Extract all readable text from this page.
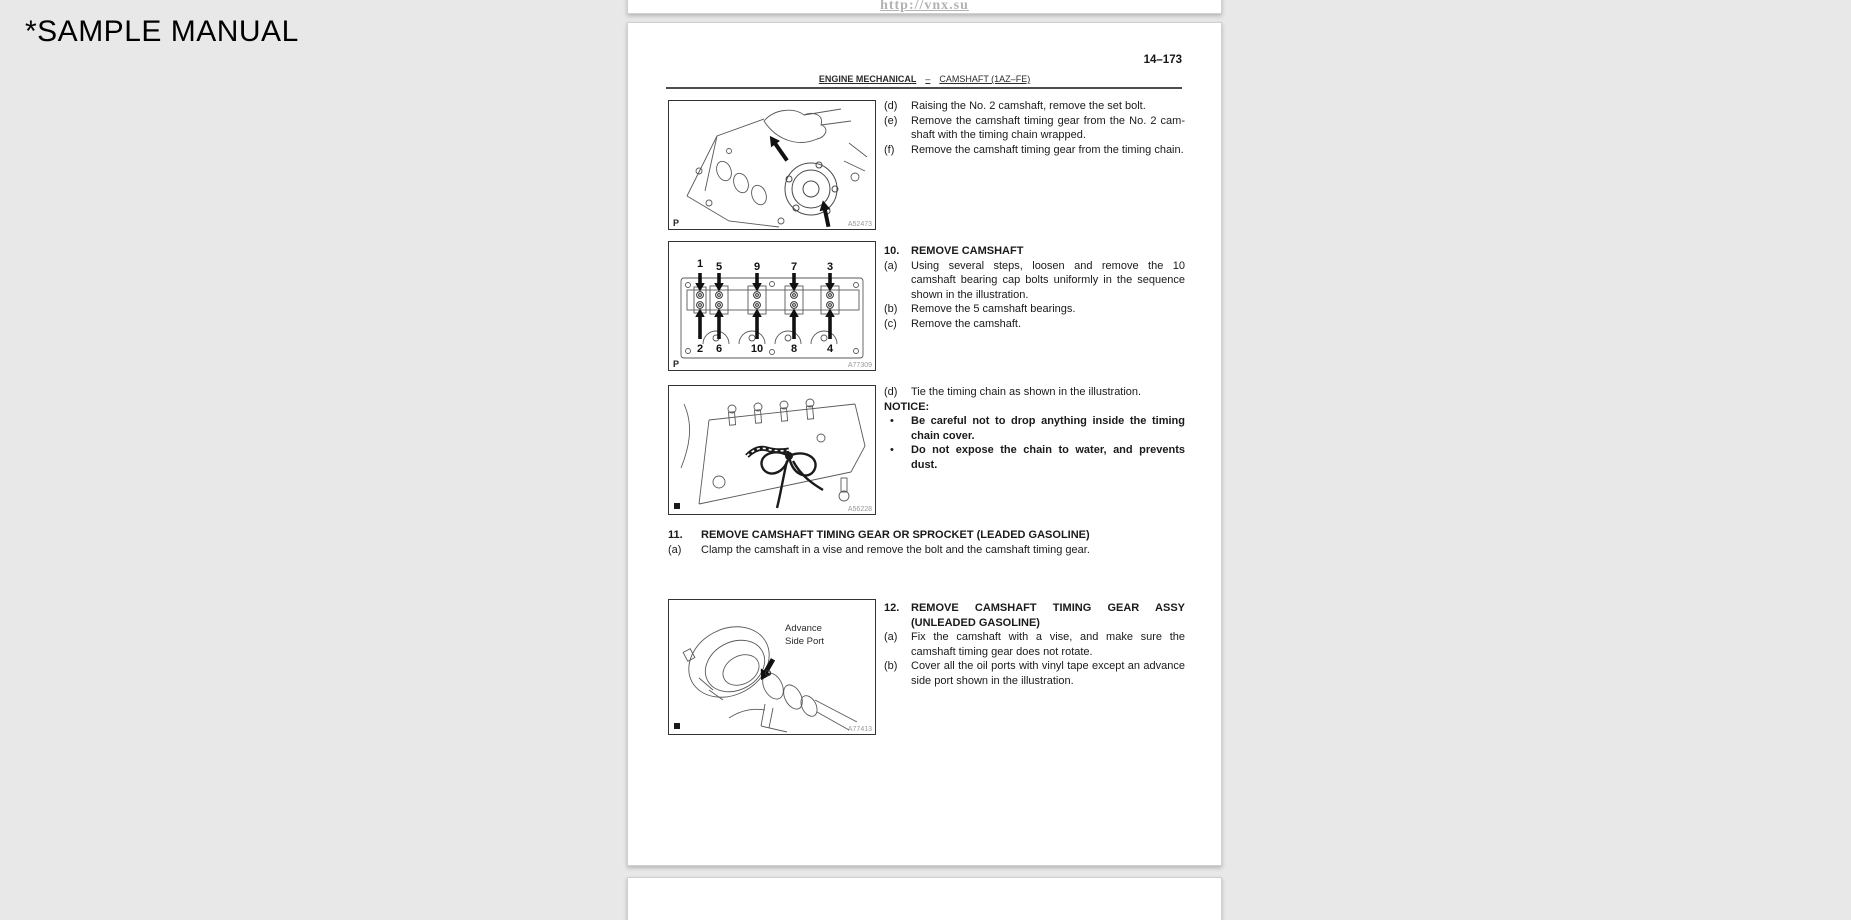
*SAMPLE MANUAL
http://vnx.su
14–173
ENGINE MECHANICAL – CAMSHAFT (1AZ–FE)
P	A52473
1 5	9	7	3
2 6	10	8	4
P	A77309
A56228
Advance
Side Port
A77413
(d)	Raising the No. 2 camshaft, remove the set bolt.
(e)	Remove the camshaft timing gear from the No. 2 cam-shaft with the timing chain wrapped.
(f)	Remove the camshaft timing gear from the timing chain.
10.	REMOVE CAMSHAFT
(a)	Using several steps, loosen and remove the 10 camshaft bearing cap bolts uniformly in the sequence shown in the illustration.
(b)	Remove the 5 camshaft bearings.
(c)	Remove the camshaft.
(d)	Tie the timing chain as shown in the illustration.
NOTICE:
•	Be careful not to drop anything inside the timing chain cover.
•	Do not expose the chain to water, and prevents dust.
11.	REMOVE CAMSHAFT TIMING GEAR OR SPROCKET (LEADED GASOLINE)
(a)	Clamp the camshaft in a vise and remove the bolt and the camshaft timing gear.
12.	REMOVE CAMSHAFT TIMING GEAR ASSY
(UNLEADED GASOLINE)
(a)	Fix the camshaft with a vise, and make sure the camshaft timing gear does not rotate.
(b)	Cover all the oil ports with vinyl tape except an advance side port shown in the illustration.
